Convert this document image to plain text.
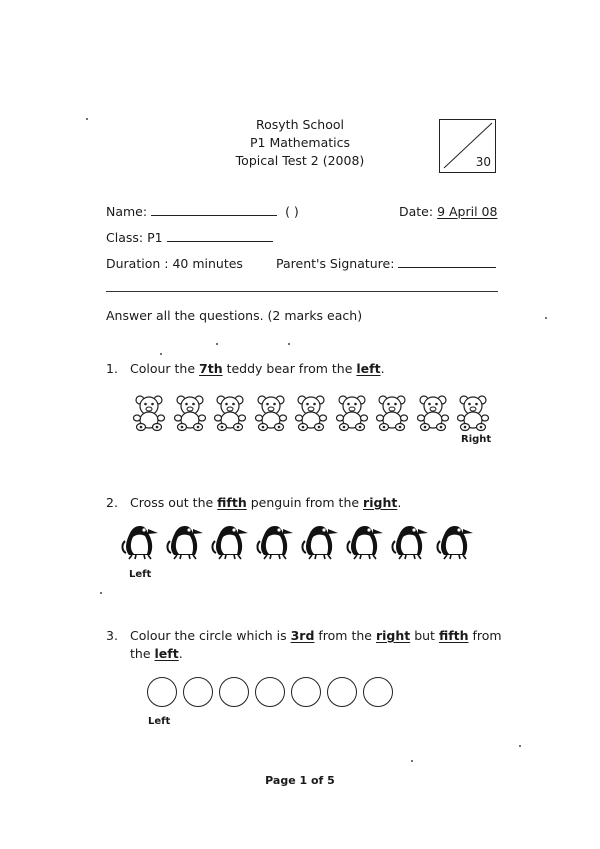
Rosyth School
P1 Mathematics
Topical Test 2 (2008)	30
Name:	( )	Date: 9 April 08
Class: P1
Duration : 40 minutes	Parent's Signature:
Answer all the questions. (2 marks each)
1. Colour the 7th teddy bear from the left.
Right
2. Cross out the fifth penguin from the right.
Left
3. Colour the circle which is 3rd from the right but fifth from
the left.
Left
Page 1 of 5
